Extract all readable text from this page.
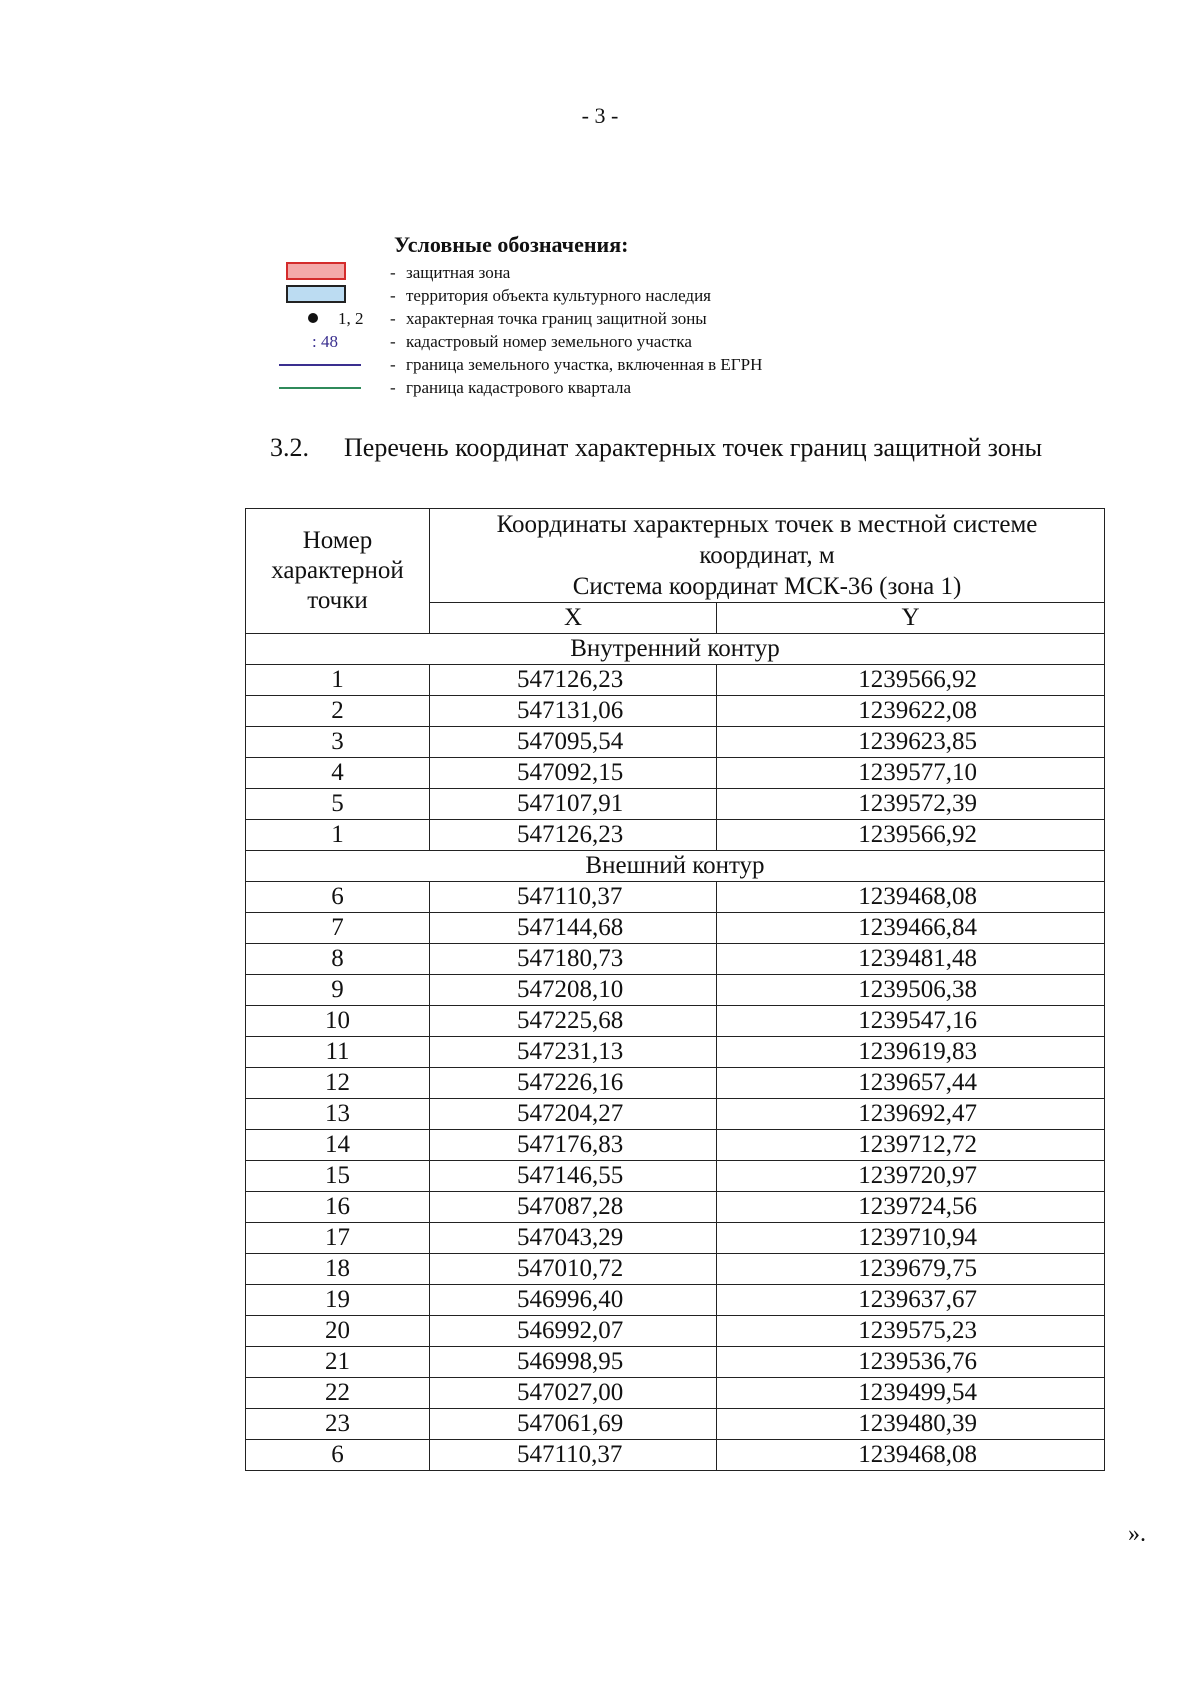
- 3 -
Условные обозначения:
- защитная зона
- территория объекта культурного наследия
1, 2 - характерная точка границ защитной зоны
: 48	- кадастровый номер земельного участка
- граница земельного участка, включенная в ЕГРН
- граница кадастрового квартала
3.2. Перечень координат характерных точек границ защитной зоны
Номер характерной точки	Координаты характерных точек в местной системе
координат, м
Система координат МСК-36 (зона 1)	

	X	Y
Внутренний контур		
1	547126,23	1239566,92
2	547131,06	1239622,08
3	547095,54	1239623,85
4	547092,15	1239577,10
5	547107,91	1239572,39
1	547126,23	1239566,92
Внешний контур		
6	547110,37	1239468,08
7	547144,68	1239466,84
8	547180,73	1239481,48
9	547208,10	1239506,38
10	547225,68	1239547,16
11	547231,13	1239619,83
12	547226,16	1239657,44
13	547204,27	1239692,47
14	547176,83	1239712,72
15	547146,55	1239720,97
16	547087,28	1239724,56
17	547043,29	1239710,94
18	547010,72	1239679,75
19	546996,40	1239637,67
20	546992,07	1239575,23
21	546998,95	1239536,76
22	547027,00	1239499,54
23	547061,69	1239480,39
6	547110,37	1239468,08
».
